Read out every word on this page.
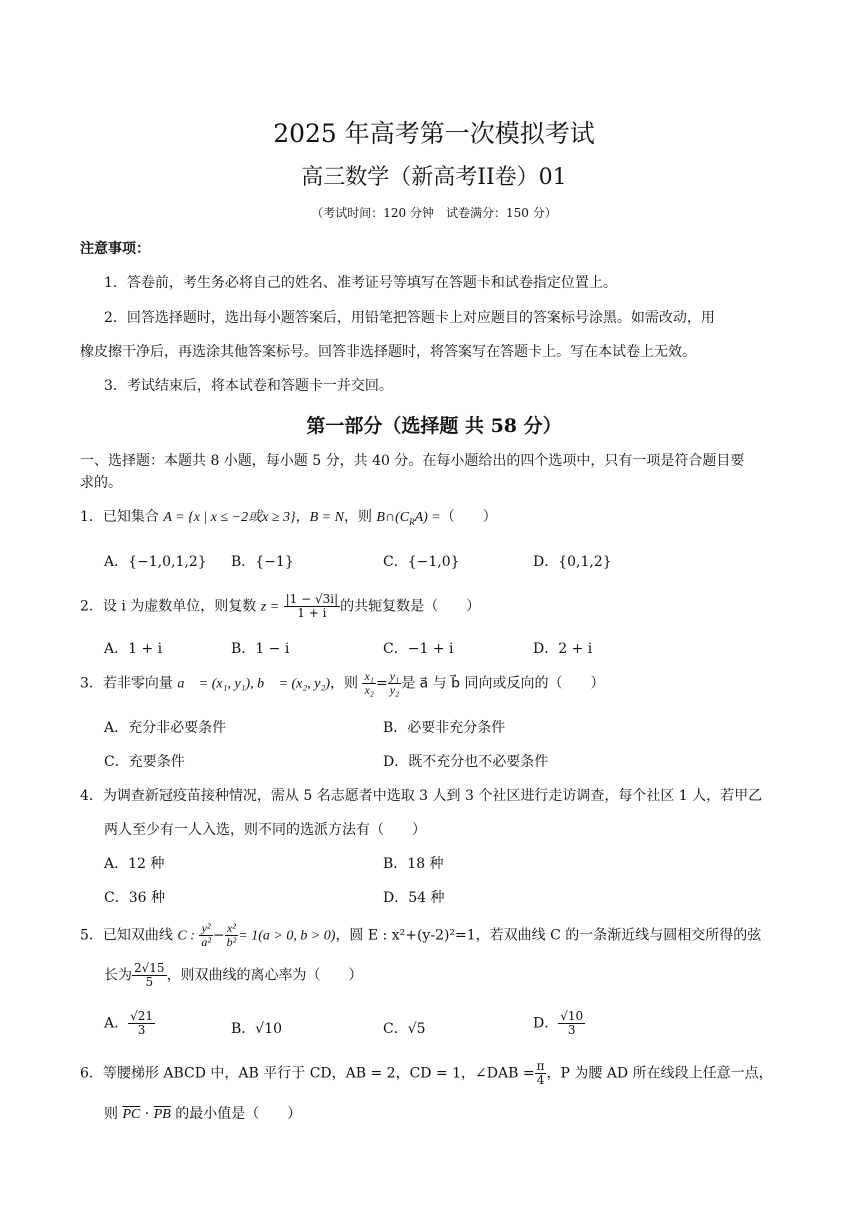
2025 年高考第一次模拟考试
高三数学（新高考II卷）01
（考试时间：120 分钟　试卷满分：150 分）
注意事项：
1．答卷前，考生务必将自己的姓名、准考证号等填写在答题卡和试卷指定位置上。
2．回答选择题时，选出每小题答案后，用铅笔把答题卡上对应题目的答案标号涂黑。如需改动，用
橡皮擦干净后，再选涂其他答案标号。回答非选择题时，将答案写在答题卡上。写在本试卷上无效。
3．考试结束后，将本试卷和答题卡一并交回。
第一部分（选择题 共 58 分）
一、选择题：本题共 8 小题，每小题 5 分，共 40 分。在每小题给出的四个选项中，只有一项是符合题目要
求的。
1．已知集合 A = {x | x ≤ −2或x ≥ 3}，B = N，则 $B\cap(C_RA)$ =（　　）
A．{−1,0,1,2} B．{−1}	C．{−1,0}	D．{0,1,2}
2．设 i 为虚数单位，则复数 $z = \frac{|1 - √3i|}{1 + i}$ 的共轭复数是（　　）
A．1 + i	B．1 − i	C．−1 + i	D．2 + i
3．若非零向量 a⃗ = (x₁, y₁), b⃗ = (x₂, y₂)，则 $\frac{\text{x₁}}{\text{x₂}} = \frac{\text{y₁}}{\text{y₂}}$ 是 a⃗ 与 b⃗ 同向或反向的（　　）
A．充分非必要条件	B．必要非充分条件
C．充要条件	D．既不充分也不必要条件
4．为调查新冠疫苗接种情况，需从 5 名志愿者中选取 3 人到 3 个社区进行走访调查，每个社区 1 人，若甲乙
两人至少有一人入选，则不同的选派方法有（　　）
A．12 种	B．18 种
C．36 种	D．54 种
5．已知双曲线 C : $\frac{\text{y²}}{\text{a²}} - \frac{\text{x²}}{\text{b²}} = 1(a > 0$, b > 0)，圆 E : x²+(y-2)²=1，若双曲线 C 的一条渐近线与圆相交所得的弦
长为 $\frac{2√15}{5}$ ，则双曲线的离心率为（　　）
A． $\frac{√21}{3}$	B．√10	C．√5	D． $\frac{√10}{3}$
6．等腰梯形 ABCD 中，AB 平行于 CD，AB = 2，CD = 1，∠DAB = $\frac{\pi}{4}$ ，P 为腰 AD 所在线段上任意一点，
则 $\overline{PC} \cdot \overline{PB}$ 的最小值是（　　）
